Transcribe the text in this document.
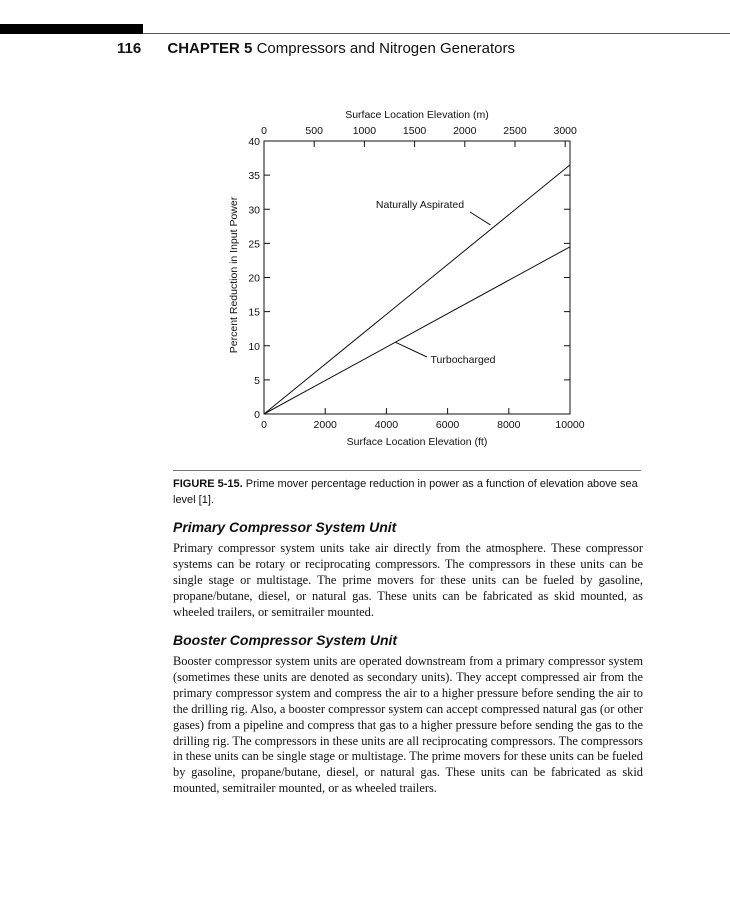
116 CHAPTER 5 Compressors and Nitrogen Generators
Surface Location Elevation (m)
Surface Location Elevation (ft)
Percent Reduction in Input Power
0	2000	4000	6000	8000	10000
0	500	1000	1500	2000	2500	3000
0
5
10
15
20
25
30
35
40
Naturally Aspirated
Turbocharged
FIGURE 5-15. Prime mover percentage reduction in power as a function of elevation above sea level [1].
Primary Compressor System Unit

Primary compressor system units take air directly from the atmosphere. These compressor systems can be rotary or reciprocating compressors. The compressors in these units can be single stage or multistage. The prime movers for these units can be fueled by gasoline, propane/butane, diesel, or natural gas. These units can be fabricated as skid mounted, as wheeled trailers, or semitrailer mounted.

Booster Compressor System Unit

Booster compressor system units are operated downstream from a primary compressor system (sometimes these units are denoted as secondary units). They accept compressed air from the primary compressor system and compress the air to a higher pressure before sending the air to the drilling rig. Also, a booster compressor system can accept compressed natural gas (or other gases) from a pipeline and compress that gas to a higher pressure before sending the gas to the drilling rig. The compressors in these units are all reciprocating compressors. The compressors in these units can be single stage or multistage. The prime movers for these units can be fueled by gasoline, propane/butane, diesel, or natural gas. These units can be fabricated as skid mounted, semitrailer mounted, or as wheeled trailers.
